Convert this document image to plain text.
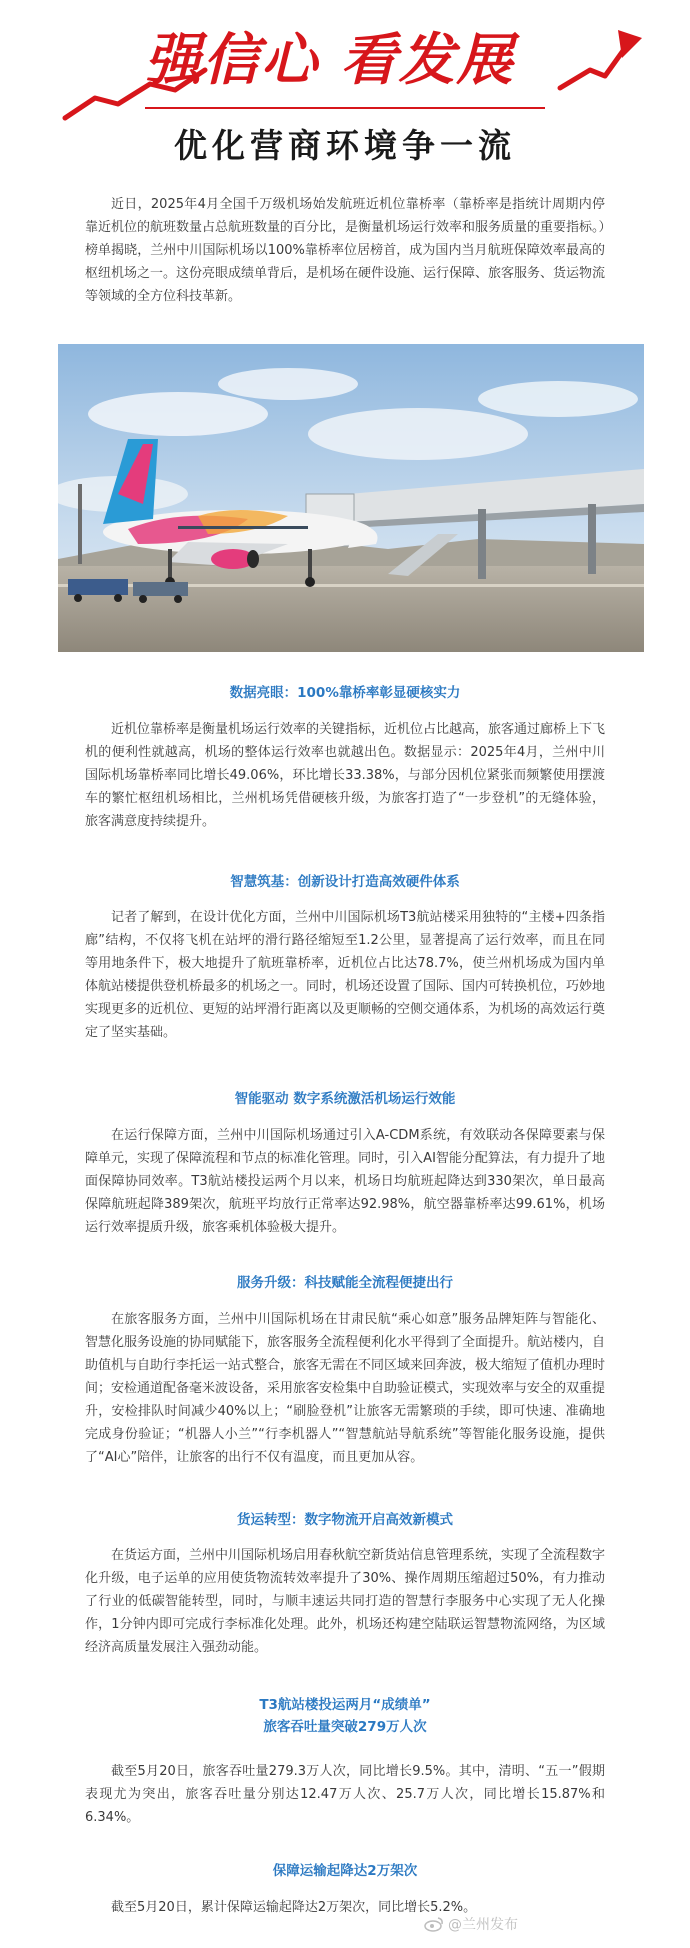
强信心 看发展
优化营商环境争一流

近日，2025年4月全国千万级机场始发航班近机位靠桥率（靠桥率是指统计周期内停靠近机位的航班数量占总航班数量的百分比，是衡量机场运行效率和服务质量的重要指标。）榜单揭晓，兰州中川国际机场以100%靠桥率位居榜首，成为国内当月航班保障效率最高的枢纽机场之一。这份亮眼成绩单背后，是机场在硬件设施、运行保障、旅客服务、货运物流等领域的全方位科技革新。

数据亮眼：100%靠桥率彰显硬核实力

近机位靠桥率是衡量机场运行效率的关键指标，近机位占比越高，旅客通过廊桥上下飞机的便利性就越高，机场的整体运行效率也就越出色。数据显示：2025年4月，兰州中川国际机场靠桥率同比增长49.06%，环比增长33.38%，与部分因机位紧张而频繁使用摆渡车的繁忙枢纽机场相比，兰州机场凭借硬核升级，为旅客打造了“一步登机”的无缝体验，旅客满意度持续提升。

智慧筑基：创新设计打造高效硬件体系

记者了解到，在设计优化方面，兰州中川国际机场T3航站楼采用独特的“主楼+四条指廊”结构，不仅将飞机在站坪的滑行路径缩短至1.2公里，显著提高了运行效率，而且在同等用地条件下，极大地提升了航班靠桥率，近机位占比达78.7%，使兰州机场成为国内单体航站楼提供登机桥最多的机场之一。同时，机场还设置了国际、国内可转换机位，巧妙地实现更多的近机位、更短的站坪滑行距离以及更顺畅的空侧交通体系，为机场的高效运行奠定了坚实基础。

智能驱动 数字系统激活机场运行效能

在运行保障方面，兰州中川国际机场通过引入A-CDM系统，有效联动各保障要素与保障单元，实现了保障流程和节点的标准化管理。同时，引入AI智能分配算法，有力提升了地面保障协同效率。T3航站楼投运两个月以来，机场日均航班起降达到330架次，单日最高保障航班起降389架次，航班平均放行正常率达92.98%，航空器靠桥率达99.61%，机场运行效率提质升级，旅客乘机体验极大提升。

服务升级：科技赋能全流程便捷出行

在旅客服务方面，兰州中川国际机场在甘肃民航“乘心如意”服务品牌矩阵与智能化、智慧化服务设施的协同赋能下，旅客服务全流程便利化水平得到了全面提升。航站楼内，自助值机与自助行李托运一站式整合，旅客无需在不同区域来回奔波，极大缩短了值机办理时间；安检通道配备毫米波设备，采用旅客安检集中自助验证模式，实现效率与安全的双重提升，安检排队时间减少40%以上；“刷脸登机”让旅客无需繁琐的手续，即可快速、准确地完成身份验证；“机器人小兰”“行李机器人”“智慧航站导航系统”等智能化服务设施，提供了“AI心”陪伴，让旅客的出行不仅有温度，而且更加从容。

货运转型：数字物流开启高效新模式

在货运方面，兰州中川国际机场启用春秋航空新货站信息管理系统，实现了全流程数字化升级，电子运单的应用使货物流转效率提升了30%、操作周期压缩超过50%，有力推动了行业的低碳智能转型，同时，与顺丰速运共同打造的智慧行李服务中心实现了无人化操作，1分钟内即可完成行李标准化处理。此外，机场还构建空陆联运智慧物流网络，为区域经济高质量发展注入强劲动能。

T3航站楼投运两月“成绩单”
旅客吞吐量突破279万人次

截至5月20日，旅客吞吐量279.3万人次，同比增长9.5%。其中，清明、“五一”假期表现尤为突出，旅客吞吐量分别达12.47万人次、25.7万人次，同比增长15.87%和6.34%。

保障运输起降达2万架次

截至5月20日，累计保障运输起降达2万架次，同比增长5.2%。

@兰州发布
